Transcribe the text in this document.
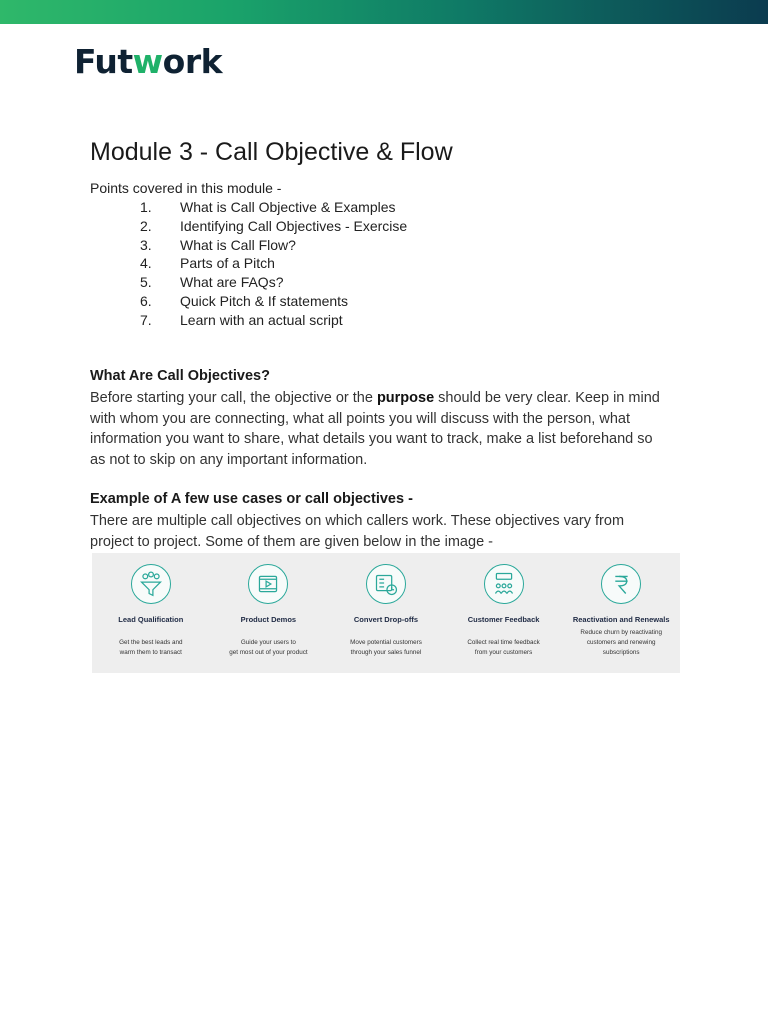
Futwork
Module 3 - Call Objective & Flow
Points covered in this module -
1.	What is Call Objective & Examples
2.	Identifying Call Objectives - Exercise
3.	What is Call Flow?
4.	Parts of a Pitch
5.	What are FAQs?
6.	Quick Pitch & If statements
7.	Learn with an actual script
What Are Call Objectives?

Before starting your call, the objective or the purpose should be very clear. Keep in mind with whom you are connecting, what all points you will discuss with the person, what information you want to share, what details you want to track, make a list beforehand so as not to skip on any important information.

Example of A few use cases or call objectives -

There are multiple call objectives on which callers work. These objectives vary from project to project. Some of them are given below in the image -

Lead Qualification
Get the best leads and
warm them to transact
Product Demos
Guide your users to
get most out of your product
Convert Drop-offs
Move potential customers
through your sales funnel
Customer Feedback
Collect real time feedback
from your customers
Reactivation and Renewals
Reduce churn by reactivating
customers and renewing
subscriptions
